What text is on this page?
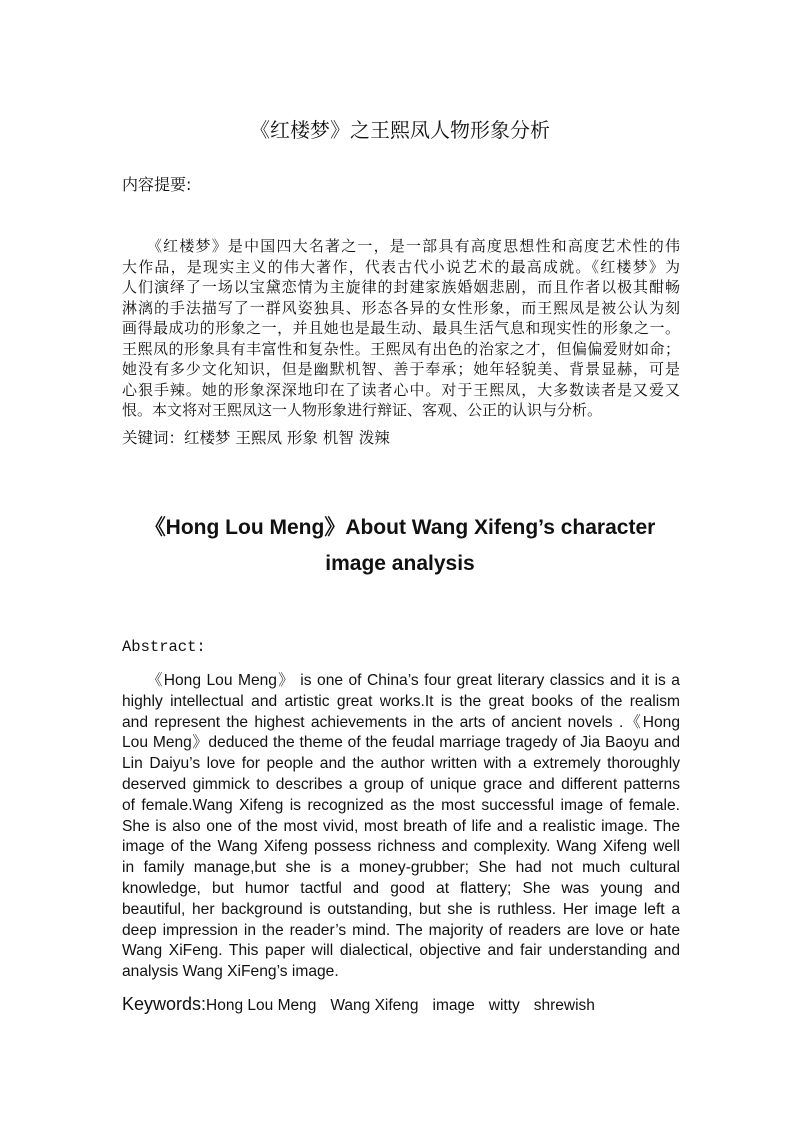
《红楼梦》之王熙凤人物形象分析
内容提要:
《红楼梦》是中国四大名著之一，是一部具有高度思想性和高度艺术性的伟
大作品，是现实主义的伟大著作，代表古代小说艺术的最高成就。《红楼梦》为
人们演绎了一场以宝黛恋情为主旋律的封建家族婚姻悲剧，而且作者以极其酣畅
淋漓的手法描写了一群风姿独具、形态各异的女性形象，而王熙凤是被公认为刻
画得最成功的形象之一，并且她也是最生动、最具生活气息和现实性的形象之一。
王熙凤的形象具有丰富性和复杂性。王熙凤有出色的治家之才，但偏偏爱财如命；
她没有多少文化知识，但是幽默机智、善于奉承；她年轻貌美、背景显赫，可是
心狠手辣。她的形象深深地印在了读者心中。对于王熙凤，大多数读者是又爱又
恨。本文将对王熙凤这一人物形象进行辩证、客观、公正的认识与分析。
关键词：红楼梦 王熙凤 形象 机智 泼辣
《Hong Lou Meng》About Wang Xifeng’s character
image analysis
Abstract:
《Hong Lou Meng》 is one of China’s four great literary classics and it is a
highly intellectual and artistic great works.It is the great books of the realism
and represent the highest achievements in the arts of ancient novels .《Hong
Lou Meng》deduced the theme of the feudal marriage tragedy of Jia Baoyu and
Lin Daiyu’s love for people and the author written with a extremely thoroughly
deserved gimmick to describes a group of unique grace and different patterns
of female.Wang Xifeng is recognized as the most successful image of female.
She is also one of the most vivid, most breath of life and a realistic image. The
image of the Wang Xifeng possess richness and complexity. Wang Xifeng well
in family manage,but she is a money-grubber; She had not much cultural
knowledge, but humor tactful and good at flattery; She was young and
beautiful, her background is outstanding, but she is ruthless. Her image left a
deep impression in the reader’s mind. The majority of readers are love or hate
Wang XiFeng. This paper will dialectical, objective and fair understanding and
analysis Wang XiFeng’s image.
Keywords:Hong Lou Meng Wang Xifeng image witty shrewish
